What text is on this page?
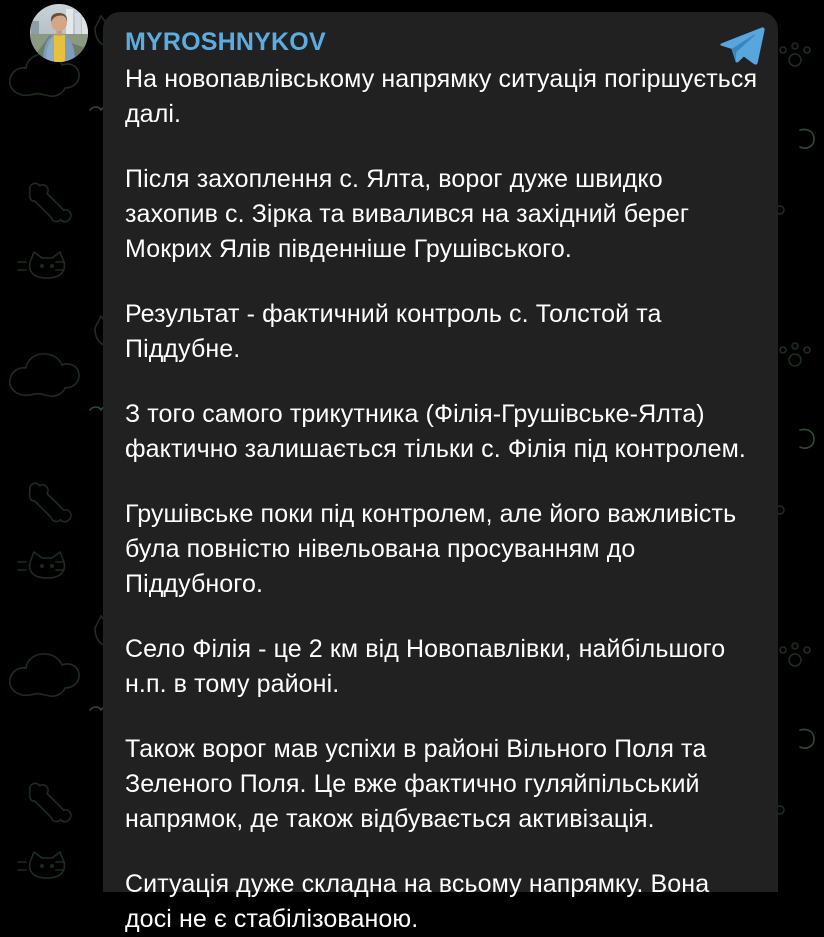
MYROSHNYKOV

На новопавлівському напрямку ситуація погіршується далі.

Після захоплення с. Ялта, ворог дуже швидко захопив с. Зірка та вивалився на західний берег Мокрих Ялів південніше Грушівського.

Результат - фактичний контроль с. Толстой та Піддубне.

З того самого трикутника (Філія-Грушівське-Ялта) фактично залишається тільки с. Філія під контролем.

Грушівське поки під контролем, але його важливість була повністю нівельована просуванням до Піддубного.

Село Філія - це 2 км від Новопавлівки, найбільшого н.п. в тому районі.

Також ворог мав успіхи в районі Вільного Поля та Зеленого Поля. Це вже фактично гуляйпільський напрямок, де також відбувається активізація.

Ситуація дуже складна на всьому напрямку. Вона досі не є стабілізованою.
